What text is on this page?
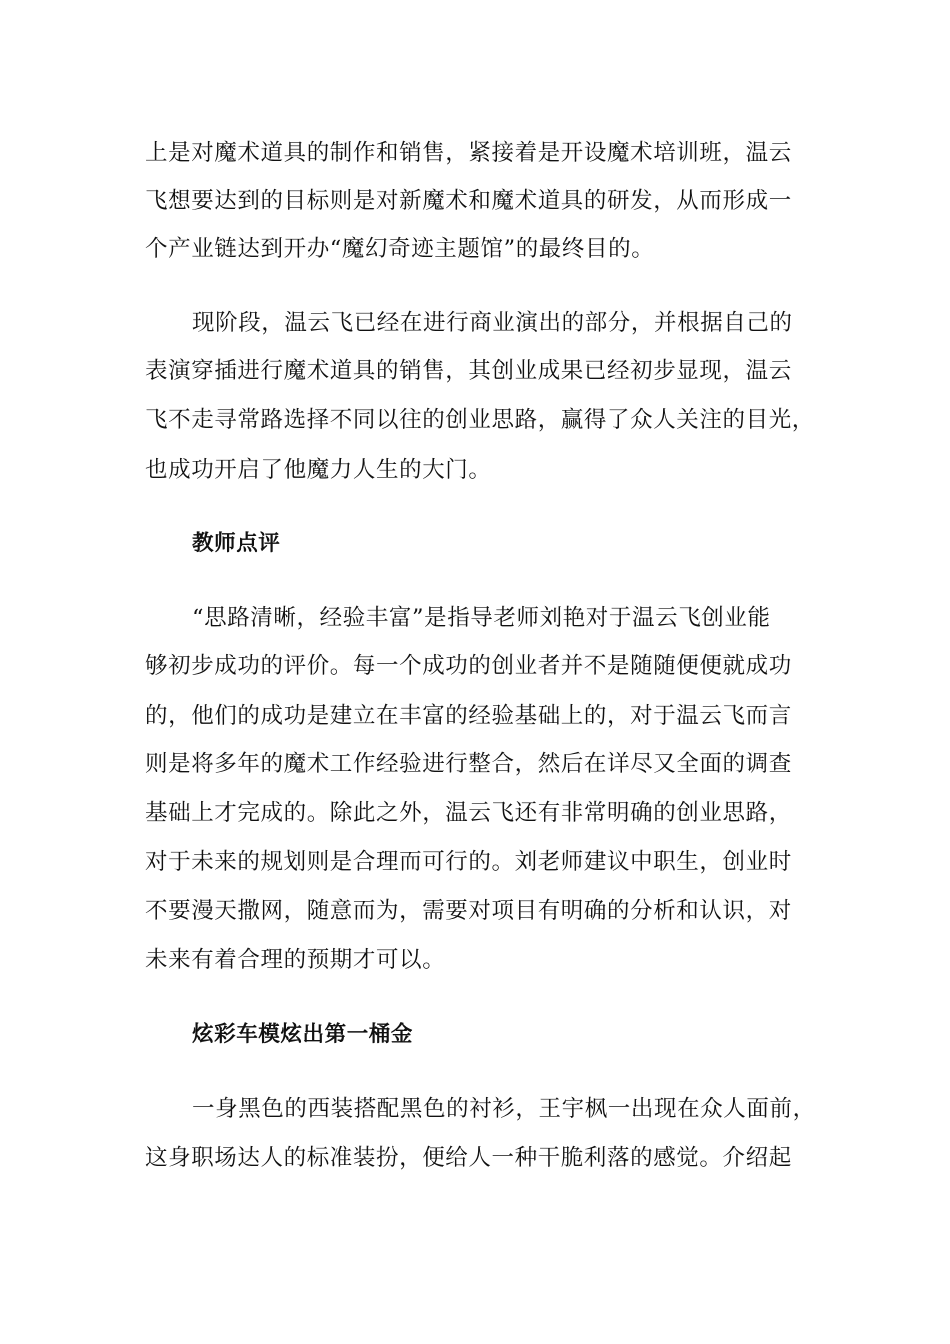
上是对魔术道具的制作和销售，紧接着是开设魔术培训班，温云
飞想要达到的目标则是对新魔术和魔术道具的研发，从而形成一
个产业链达到开办“魔幻奇迹主题馆”的最终目的。
现阶段，温云飞已经在进行商业演出的部分，并根据自己的
表演穿插进行魔术道具的销售，其创业成果已经初步显现，温云
飞不走寻常路选择不同以往的创业思路，赢得了众人关注的目光，
也成功开启了他魔力人生的大门。
教师点评
“思路清晰，经验丰富”是指导老师刘艳对于温云飞创业能
够初步成功的评价。每一个成功的创业者并不是随随便便就成功
的，他们的成功是建立在丰富的经验基础上的，对于温云飞而言
则是将多年的魔术工作经验进行整合，然后在详尽又全面的调查
基础上才完成的。除此之外，温云飞还有非常明确的创业思路，
对于未来的规划则是合理而可行的。刘老师建议中职生，创业时
不要漫天撒网，随意而为，需要对项目有明确的分析和认识，对
未来有着合理的预期才可以。
炫彩车模炫出第一桶金
一身黑色的西装搭配黑色的衬衫，王宇枫一出现在众人面前，
这身职场达人的标准装扮，便给人一种干脆利落的感觉。介绍起
